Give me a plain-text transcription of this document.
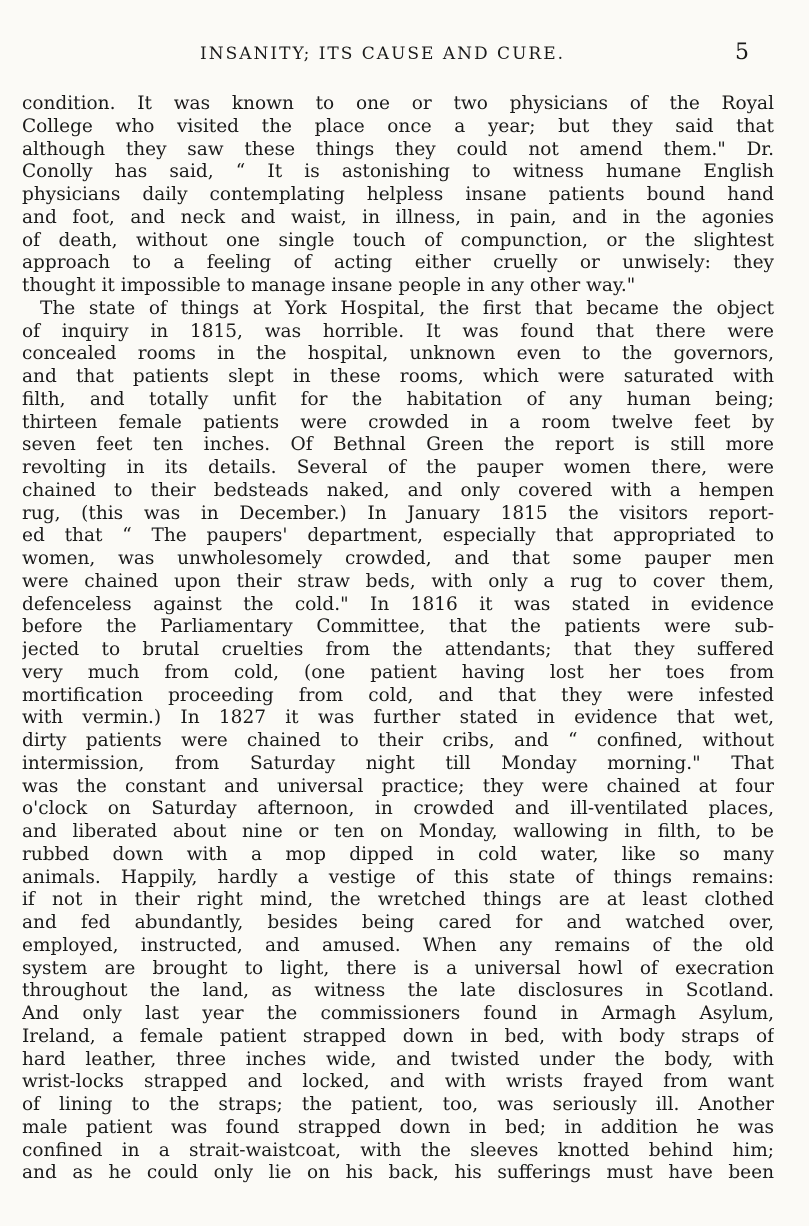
INSANITY; ITS CAUSE AND CURE.	5
condition. It was known to one or two physicians of the Royal
College who visited the place once a year; but they said that
although they saw these things they could not amend them." Dr.
Conolly has said, “ It is astonishing to witness humane English
physicians daily contemplating helpless insane patients bound hand
and foot, and neck and waist, in illness, in pain, and in the agonies
of death, without one single touch of compunction, or the slightest
approach to a feeling of acting either cruelly or unwisely: they
thought it impossible to manage insane people in any other way."
The state of things at York Hospital, the first that became the object
of inquiry in 1815, was horrible. It was found that there were
concealed rooms in the hospital, unknown even to the governors,
and that patients slept in these rooms, which were saturated with
filth, and totally unfit for the habitation of any human being;
thirteen female patients were crowded in a room twelve feet by
seven feet ten inches. Of Bethnal Green the report is still more
revolting in its details. Several of the pauper women there, were
chained to their bedsteads naked, and only covered with a hempen
rug, (this was in December.) In January 1815 the visitors report-
ed that “ The paupers' department, especially that appropriated to
women, was unwholesomely crowded, and that some pauper men
were chained upon their straw beds, with only a rug to cover them,
defenceless against the cold." In 1816 it was stated in evidence
before the Parliamentary Committee, that the patients were sub-
jected to brutal cruelties from the attendants; that they suffered
very much from cold, (one patient having lost her toes from
mortification proceeding from cold, and that they were infested
with vermin.) In 1827 it was further stated in evidence that wet,
dirty patients were chained to their cribs, and “ confined, without
intermission, from Saturday night till Monday morning." That
was the constant and universal practice; they were chained at four
o'clock on Saturday afternoon, in crowded and ill-ventilated places,
and liberated about nine or ten on Monday, wallowing in filth, to be
rubbed down with a mop dipped in cold water, like so many
animals. Happily, hardly a vestige of this state of things remains:
if not in their right mind, the wretched things are at least clothed
and fed abundantly, besides being cared for and watched over,
employed, instructed, and amused. When any remains of the old
system are brought to light, there is a universal howl of execration
throughout the land, as witness the late disclosures in Scotland.
And only last year the commissioners found in Armagh Asylum,
Ireland, a female patient strapped down in bed, with body straps of
hard leather, three inches wide, and twisted under the body, with
wrist-locks strapped and locked, and with wrists frayed from want
of lining to the straps; the patient, too, was seriously ill. Another
male patient was found strapped down in bed; in addition he was
confined in a strait-waistcoat, with the sleeves knotted behind him;
and as he could only lie on his back, his sufferings must have been
